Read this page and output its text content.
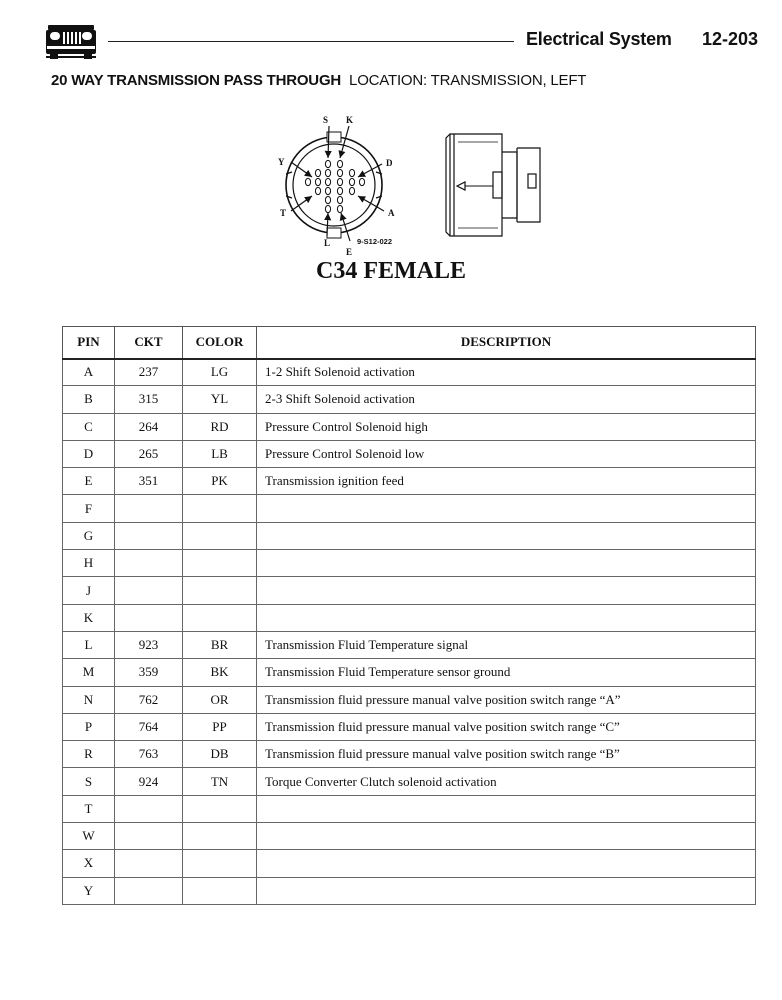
Electrical System 12-203
20 WAY TRANSMISSION PASS THROUGH LOCATION: TRANSMISSION, LEFT
S K
Y	D
T	A
L
E
9-S12-022
C34 FEMALE
PIN	CKT	COLOR	DESCRIPTION
A	237	LG	1-2 Shift Solenoid activation
B	315	YL	2-3 Shift Solenoid activation
C	264	RD	Pressure Control Solenoid high
D	265	LB	Pressure Control Solenoid low
E	351	PK	Transmission ignition feed
F			
G			
H			
J			
K			
L	923	BR	Transmission Fluid Temperature signal
M	359	BK	Transmission Fluid Temperature sensor ground
N	762	OR	Transmission fluid pressure manual valve position switch range “A”
P	764	PP	Transmission fluid pressure manual valve position switch range “C”
R	763	DB	Transmission fluid pressure manual valve position switch range “B”
S	924	TN	Torque Converter Clutch solenoid activation
T			
W			
X			
Y			
